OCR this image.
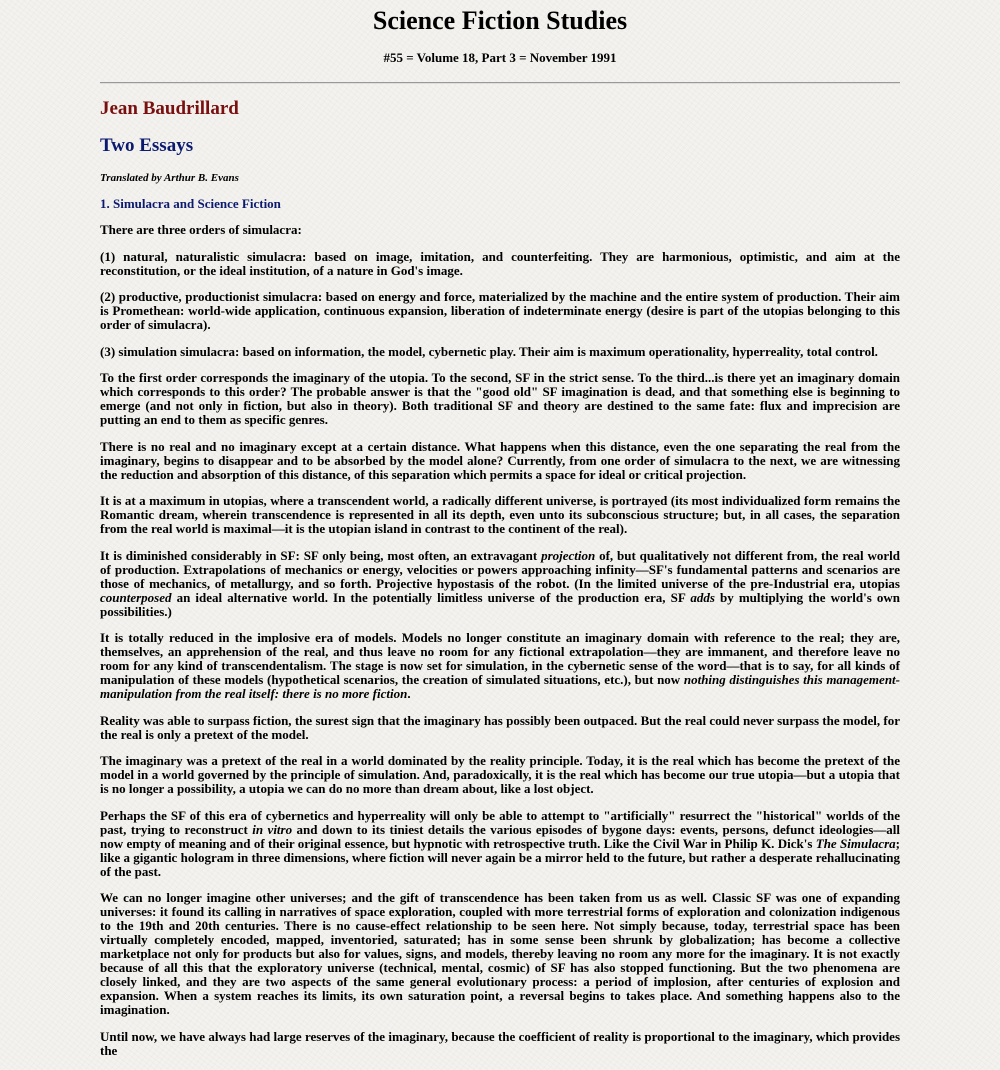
Science Fiction Studies
#55 = Volume 18, Part 3 = November 1991
Jean Baudrillard
Two Essays
Translated by Arthur B. Evans
1. Simulacra and Science Fiction

There are three orders of simulacra:

(1) natural, naturalistic simulacra: based on image, imitation, and counterfeiting. They are harmonious, optimistic, and aim at the reconstitution, or the ideal institution, of a nature in God's image.

(2) productive, productionist simulacra: based on energy and force, materialized by the machine and the entire system of production. Their aim is Promethean: world-wide application, continuous expansion, liberation of indeterminate energy (desire is part of the utopias belonging to this order of simulacra).

(3) simulation simulacra: based on information, the model, cybernetic play. Their aim is maximum operationality, hyperreality, total control.

To the first order corresponds the imaginary of the utopia. To the second, SF in the strict sense. To the third...is there yet an imaginary domain which corresponds to this order? The probable answer is that the "good old" SF imagination is dead, and that something else is beginning to emerge (and not only in fiction, but also in theory). Both traditional SF and theory are destined to the same fate: flux and imprecision are putting an end to them as specific genres.

There is no real and no imaginary except at a certain distance. What happens when this distance, even the one separating the real from the imaginary, begins to disappear and to be absorbed by the model alone? Currently, from one order of simulacra to the next, we are witnessing the reduction and absorption of this distance, of this separation which permits a space for ideal or critical projection.

It is at a maximum in utopias, where a transcendent world, a radically different universe, is portrayed (its most individualized form remains the Romantic dream, wherein transcendence is represented in all its depth, even unto its subconscious structure; but, in all cases, the separation from the real world is maximal—it is the utopian island in contrast to the continent of the real).

It is diminished considerably in SF: SF only being, most often, an extravagant projection of, but qualitatively not different from, the real world of production. Extrapolations of mechanics or energy, velocities or powers approaching infinity—SF's fundamental patterns and scenarios are those of mechanics, of metallurgy, and so forth. Projective hypostasis of the robot. (In the limited universe of the pre-Industrial era, utopias counterposed an ideal alternative world. In the potentially limitless universe of the production era, SF adds by multiplying the world's own possibilities.)

It is totally reduced in the implosive era of models. Models no longer constitute an imaginary domain with reference to the real; they are, themselves, an apprehension of the real, and thus leave no room for any fictional extrapolation—they are immanent, and therefore leave no room for any kind of transcendentalism. The stage is now set for simulation, in the cybernetic sense of the word—that is to say, for all kinds of manipulation of these models (hypothetical scenarios, the creation of simulated situations, etc.), but now nothing distinguishes this management-manipulation from the real itself: there is no more fiction.

Reality was able to surpass fiction, the surest sign that the imaginary has possibly been outpaced. But the real could never surpass the model, for the real is only a pretext of the model.

The imaginary was a pretext of the real in a world dominated by the reality principle. Today, it is the real which has become the pretext of the model in a world governed by the principle of simulation. And, paradoxically, it is the real which has become our true utopia—but a utopia that is no longer a possibility, a utopia we can do no more than dream about, like a lost object.

Perhaps the SF of this era of cybernetics and hyperreality will only be able to attempt to "artificially" resurrect the "historical" worlds of the past, trying to reconstruct in vitro and down to its tiniest details the various episodes of bygone days: events, persons, defunct ideologies—all now empty of meaning and of their original essence, but hypnotic with retrospective truth. Like the Civil War in Philip K. Dick's The Simulacra; like a gigantic hologram in three dimensions, where fiction will never again be a mirror held to the future, but rather a desperate rehallucinating of the past.

We can no longer imagine other universes; and the gift of transcendence has been taken from us as well. Classic SF was one of expanding universes: it found its calling in narratives of space exploration, coupled with more terrestrial forms of exploration and colonization indigenous to the 19th and 20th centuries. There is no cause-effect relationship to be seen here. Not simply because, today, terrestrial space has been virtually completely encoded, mapped, inventoried, saturated; has in some sense been shrunk by globalization; has become a collective marketplace not only for products but also for values, signs, and models, thereby leaving no room any more for the imaginary. It is not exactly because of all this that the exploratory universe (technical, mental, cosmic) of SF has also stopped functioning. But the two phenomena are closely linked, and they are two aspects of the same general evolutionary process: a period of implosion, after centuries of explosion and expansion. When a system reaches its limits, its own saturation point, a reversal begins to takes place. And something happens also to the imagination.

Until now, we have always had large reserves of the imaginary, because the coefficient of reality is proportional to the imaginary, which provides the
